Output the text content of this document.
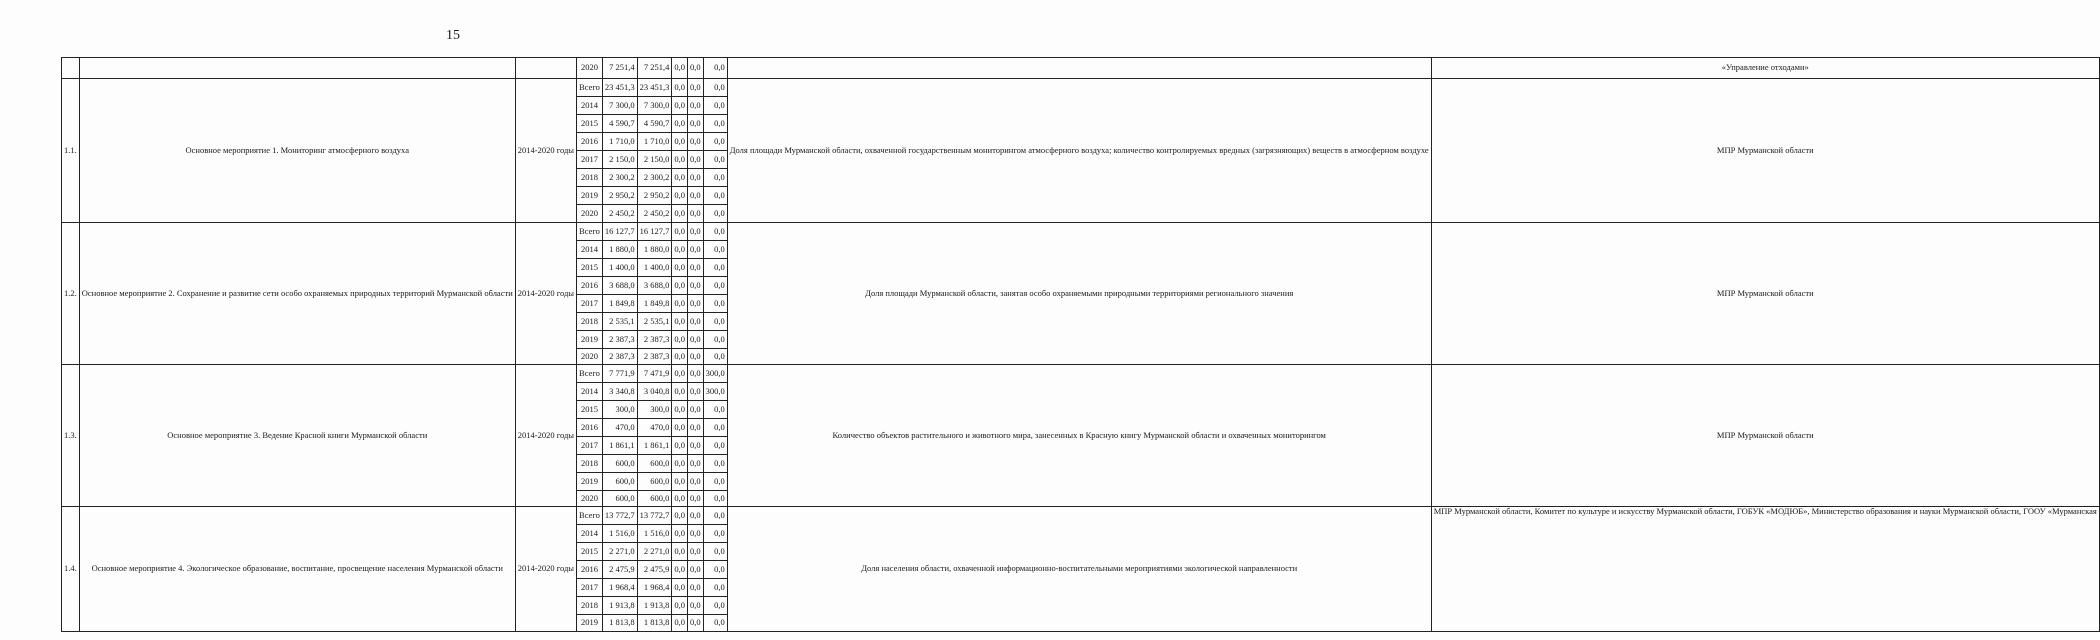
15
			2020	7 251,4	7 251,4	0,0	0,0	0,0		«Управление отходами»
1.1.	Основное мероприятие 1. Мониторинг атмосферного воздуха	2014-2020 годы	Всего	23 451,3	23 451,3	0,0	0,0	0,0	Доля площади Мурманской области, охваченной государственным мониторингом атмосферного воздуха; количество контролируемых вредных (загрязняющих) веществ в атмосферном воздухе	МПР Мурманской области
			2014	7 300,0	7 300,0	0,0	0,0	0,0		
			2015	4 590,7	4 590,7	0,0	0,0	0,0		
			2016	1 710,0	1 710,0	0,0	0,0	0,0		
			2017	2 150,0	2 150,0	0,0	0,0	0,0		
			2018	2 300,2	2 300,2	0,0	0,0	0,0		
			2019	2 950,2	2 950,2	0,0	0,0	0,0		
			2020	2 450,2	2 450,2	0,0	0,0	0,0		
1.2.	Основное мероприятие 2. Сохранение и развитие сети особо охраняемых природных территорий Мурманской области	2014-2020 годы	Всего	16 127,7	16 127,7	0,0	0,0	0,0	Доля площади Мурманской области, занятая особо охраняемыми природными территориями регионального значения	МПР Мурманской области
			2014	1 880,0	1 880,0	0,0	0,0	0,0		
			2015	1 400,0	1 400,0	0,0	0,0	0,0		
			2016	3 688,0	3 688,0	0,0	0,0	0,0		
			2017	1 849,8	1 849,8	0,0	0,0	0,0		
			2018	2 535,1	2 535,1	0,0	0,0	0,0		
			2019	2 387,3	2 387,3	0,0	0,0	0,0		
			2020	2 387,3	2 387,3	0,0	0,0	0,0		
1.3.	Основное мероприятие 3. Ведение Красной книги Мурманской области	2014-2020 годы	Всего	7 771,9	7 471,9	0,0	0,0	300,0	Количество объектов растительного и животного мира, занесенных в Красную книгу Мурманской области и охваченных мониторингом	МПР Мурманской области
			2014	3 340,8	3 040,8	0,0	0,0	300,0		
			2015	300,0	300,0	0,0	0,0	0,0		
			2016	470,0	470,0	0,0	0,0	0,0		
			2017	1 861,1	1 861,1	0,0	0,0	0,0		
			2018	600,0	600,0	0,0	0,0	0,0		
			2019	600,0	600,0	0,0	0,0	0,0		
			2020	600,0	600,0	0,0	0,0	0,0		
1.4.	Основное мероприятие 4. Экологическое образование, воспитание, просвещение населения Мурманской области	2014-2020 годы	Всего	13 772,7	13 772,7	0,0	0,0	0,0	Доля населения области, охваченной информационно-воспитательными мероприятиями экологической направленности	МПР Мурманской области, Комитет по культуре и искусству Мурманской области, ГОБУК «МОДЮБ», Министерство образования и науки Мурманской области, ГООУ «Мурманская
			2014	1 516,0	1 516,0	0,0	0,0	0,0		
			2015	2 271,0	2 271,0	0,0	0,0	0,0		
			2016	2 475,9	2 475,9	0,0	0,0	0,0		
			2017	1 968,4	1 968,4	0,0	0,0	0,0		
			2018	1 913,8	1 913,8	0,0	0,0	0,0		
			2019	1 813,8	1 813,8	0,0	0,0	0,0		
